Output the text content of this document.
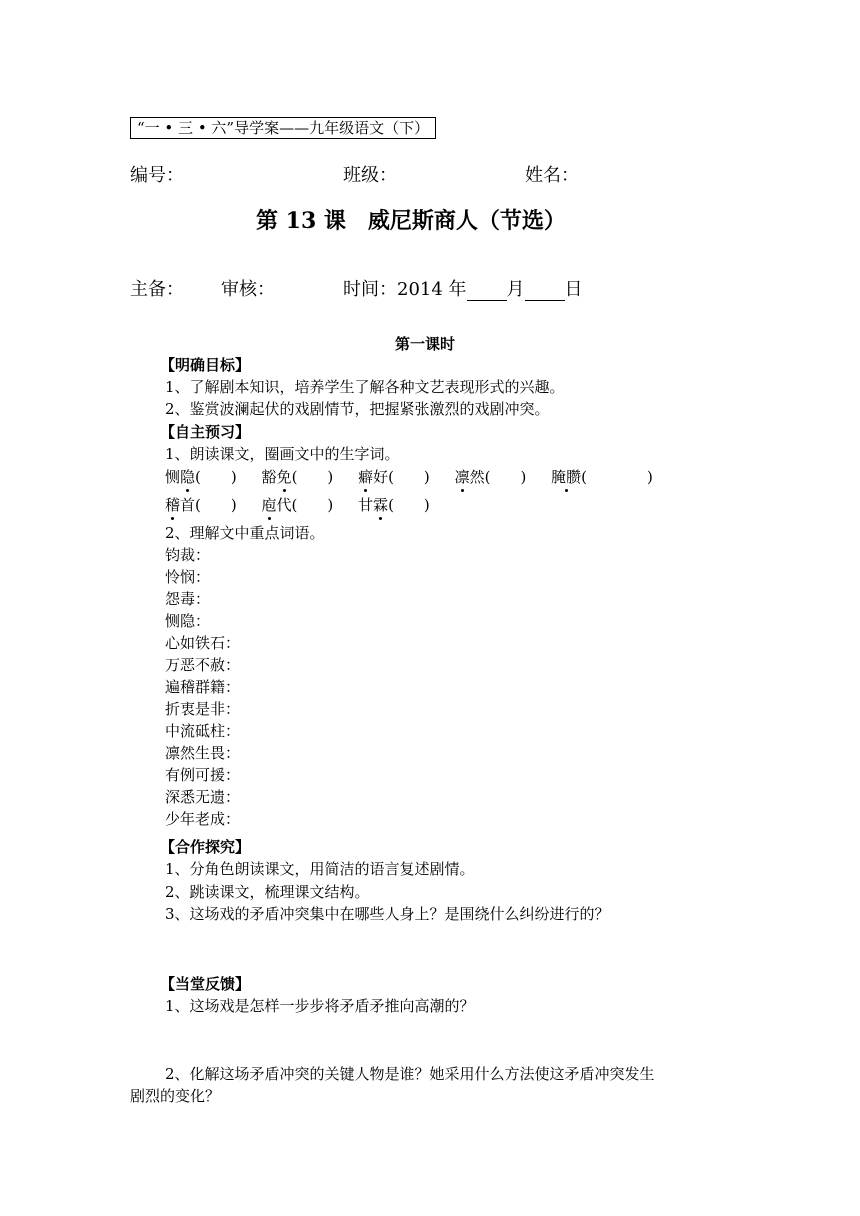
“一 • 三 • 六”导学案——九年级语文（下）
编号：	班级：	姓名：
第 13 课　威尼斯商人（节选）
主备： 审核：	时间：2014 年 月 日
第一课时
【明确目标】
1、了解剧本知识，培养学生了解各种文艺表现形式的兴趣。
2、鉴赏波澜起伏的戏剧情节，把握紧张激烈的戏剧冲突。
【自主预习】
1、朗读课文，圈画文中的生字词。
恻隐(　　) 豁免(　　) 癖好(　　) 凛然(　　) 腌臜(　　　　)
稽首(　　) 庖代(　　) 甘霖(　　)
2、理解文中重点词语。
钧裁：
怜悯：
怨毒：
恻隐：
心如铁石：
万恶不赦：
遍稽群籍：
折衷是非：
中流砥柱：
凛然生畏：
有例可援：
深悉无遗：
少年老成：
【合作探究】
1、分角色朗读课文，用简洁的语言复述剧情。
2、跳读课文，梳理课文结构。
3、这场戏的矛盾冲突集中在哪些人身上？是围绕什么纠纷进行的？
【当堂反馈】
1、这场戏是怎样一步步将矛盾矛推向高潮的？
2、化解这场矛盾冲突的关键人物是谁？她采用什么方法使这矛盾冲突发生
剧烈的变化？
